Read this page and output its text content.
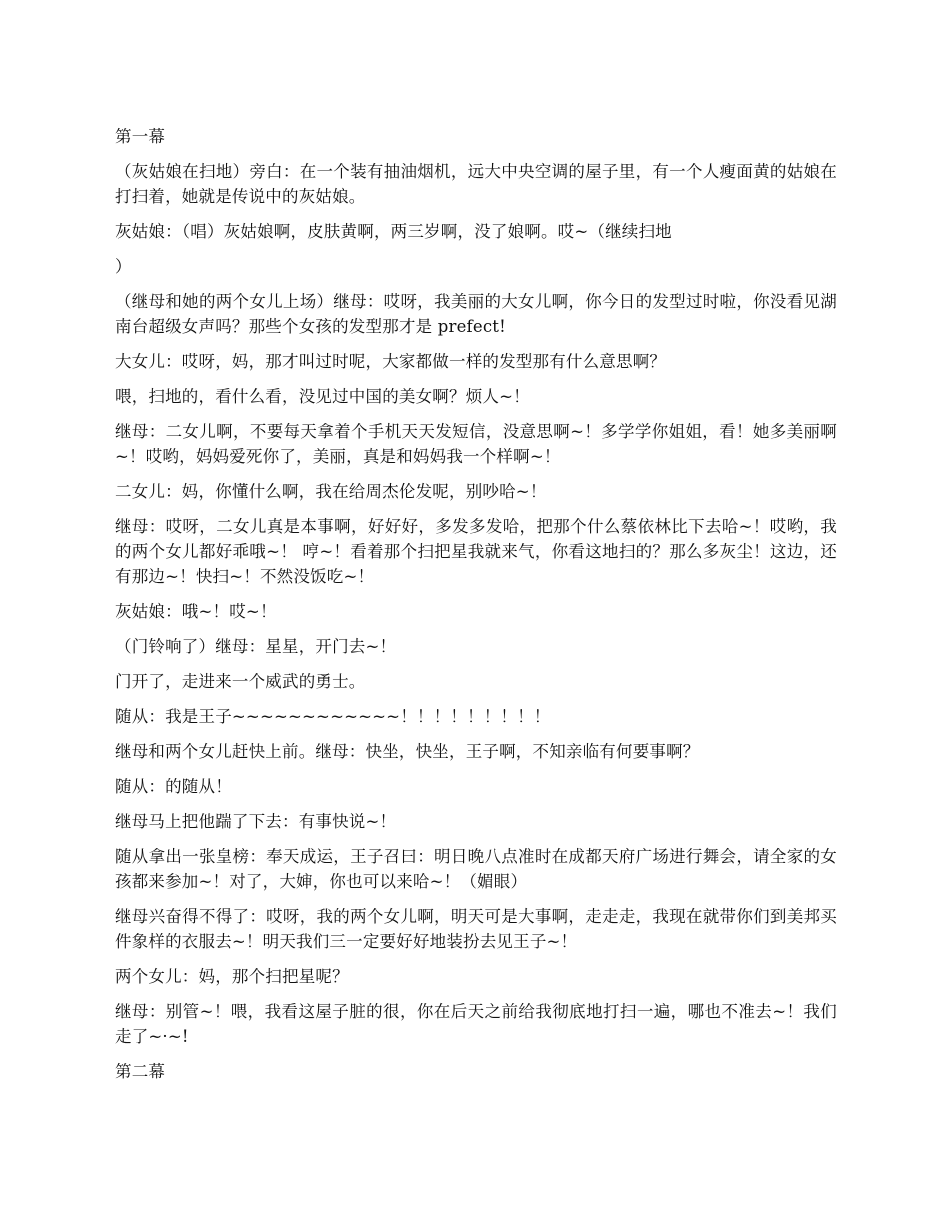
第一幕

（灰姑娘在扫地）旁白：在一个装有抽油烟机，远大中央空调的屋子里，有一个人瘦面黄的姑娘在打扫着，她就是传说中的灰姑娘。

灰姑娘：（唱）灰姑娘啊，皮肤黄啊，两三岁啊，没了娘啊。哎~（继续扫地

）

（继母和她的两个女儿上场）继母：哎呀，我美丽的大女儿啊，你今日的发型过时啦，你没看见湖南台超级女声吗？那些个女孩的发型那才是 prefect!

大女儿：哎呀，妈，那才叫过时呢，大家都做一样的发型那有什么意思啊？

喂，扫地的，看什么看，没见过中国的美女啊？烦人~！

继母：二女儿啊，不要每天拿着个手机天天发短信，没意思啊~！多学学你姐姐，看！她多美丽啊~！哎哟，妈妈爱死你了，美丽，真是和妈妈我一个样啊~！

二女儿：妈，你懂什么啊，我在给周杰伦发呢，别吵哈~！

继母：哎呀，二女儿真是本事啊，好好好，多发多发哈，把那个什么蔡依林比下去哈~！哎哟，我的两个女儿都好乖哦~！ 哼~！看着那个扫把星我就来气，你看这地扫的？那么多灰尘！这边，还有那边~！快扫~！不然没饭吃~！

灰姑娘：哦~！哎~！

（门铃响了）继母：星星，开门去~！

门开了，走进来一个威武的勇士。

随从：我是王子~~~~~~~~~~~~！！！！！！！！！

继母和两个女儿赶快上前。继母：快坐，快坐，王子啊，不知亲临有何要事啊？

随从：的随从！

继母马上把他踹了下去：有事快说~！

随从拿出一张皇榜：奉天成运，王子召曰：明日晚八点准时在成都天府广场进行舞会，请全家的女孩都来参加~！对了，大婶，你也可以来哈~！（媚眼）

继母兴奋得不得了：哎呀，我的两个女儿啊，明天可是大事啊，走走走，我现在就带你们到美邦买件象样的衣服去~！明天我们三一定要好好地装扮去见王子~！

两个女儿：妈，那个扫把星呢？

继母：别管~！喂，我看这屋子脏的很，你在后天之前给我彻底地打扫一遍，哪也不准去~！我们走了~·~!

第二幕
